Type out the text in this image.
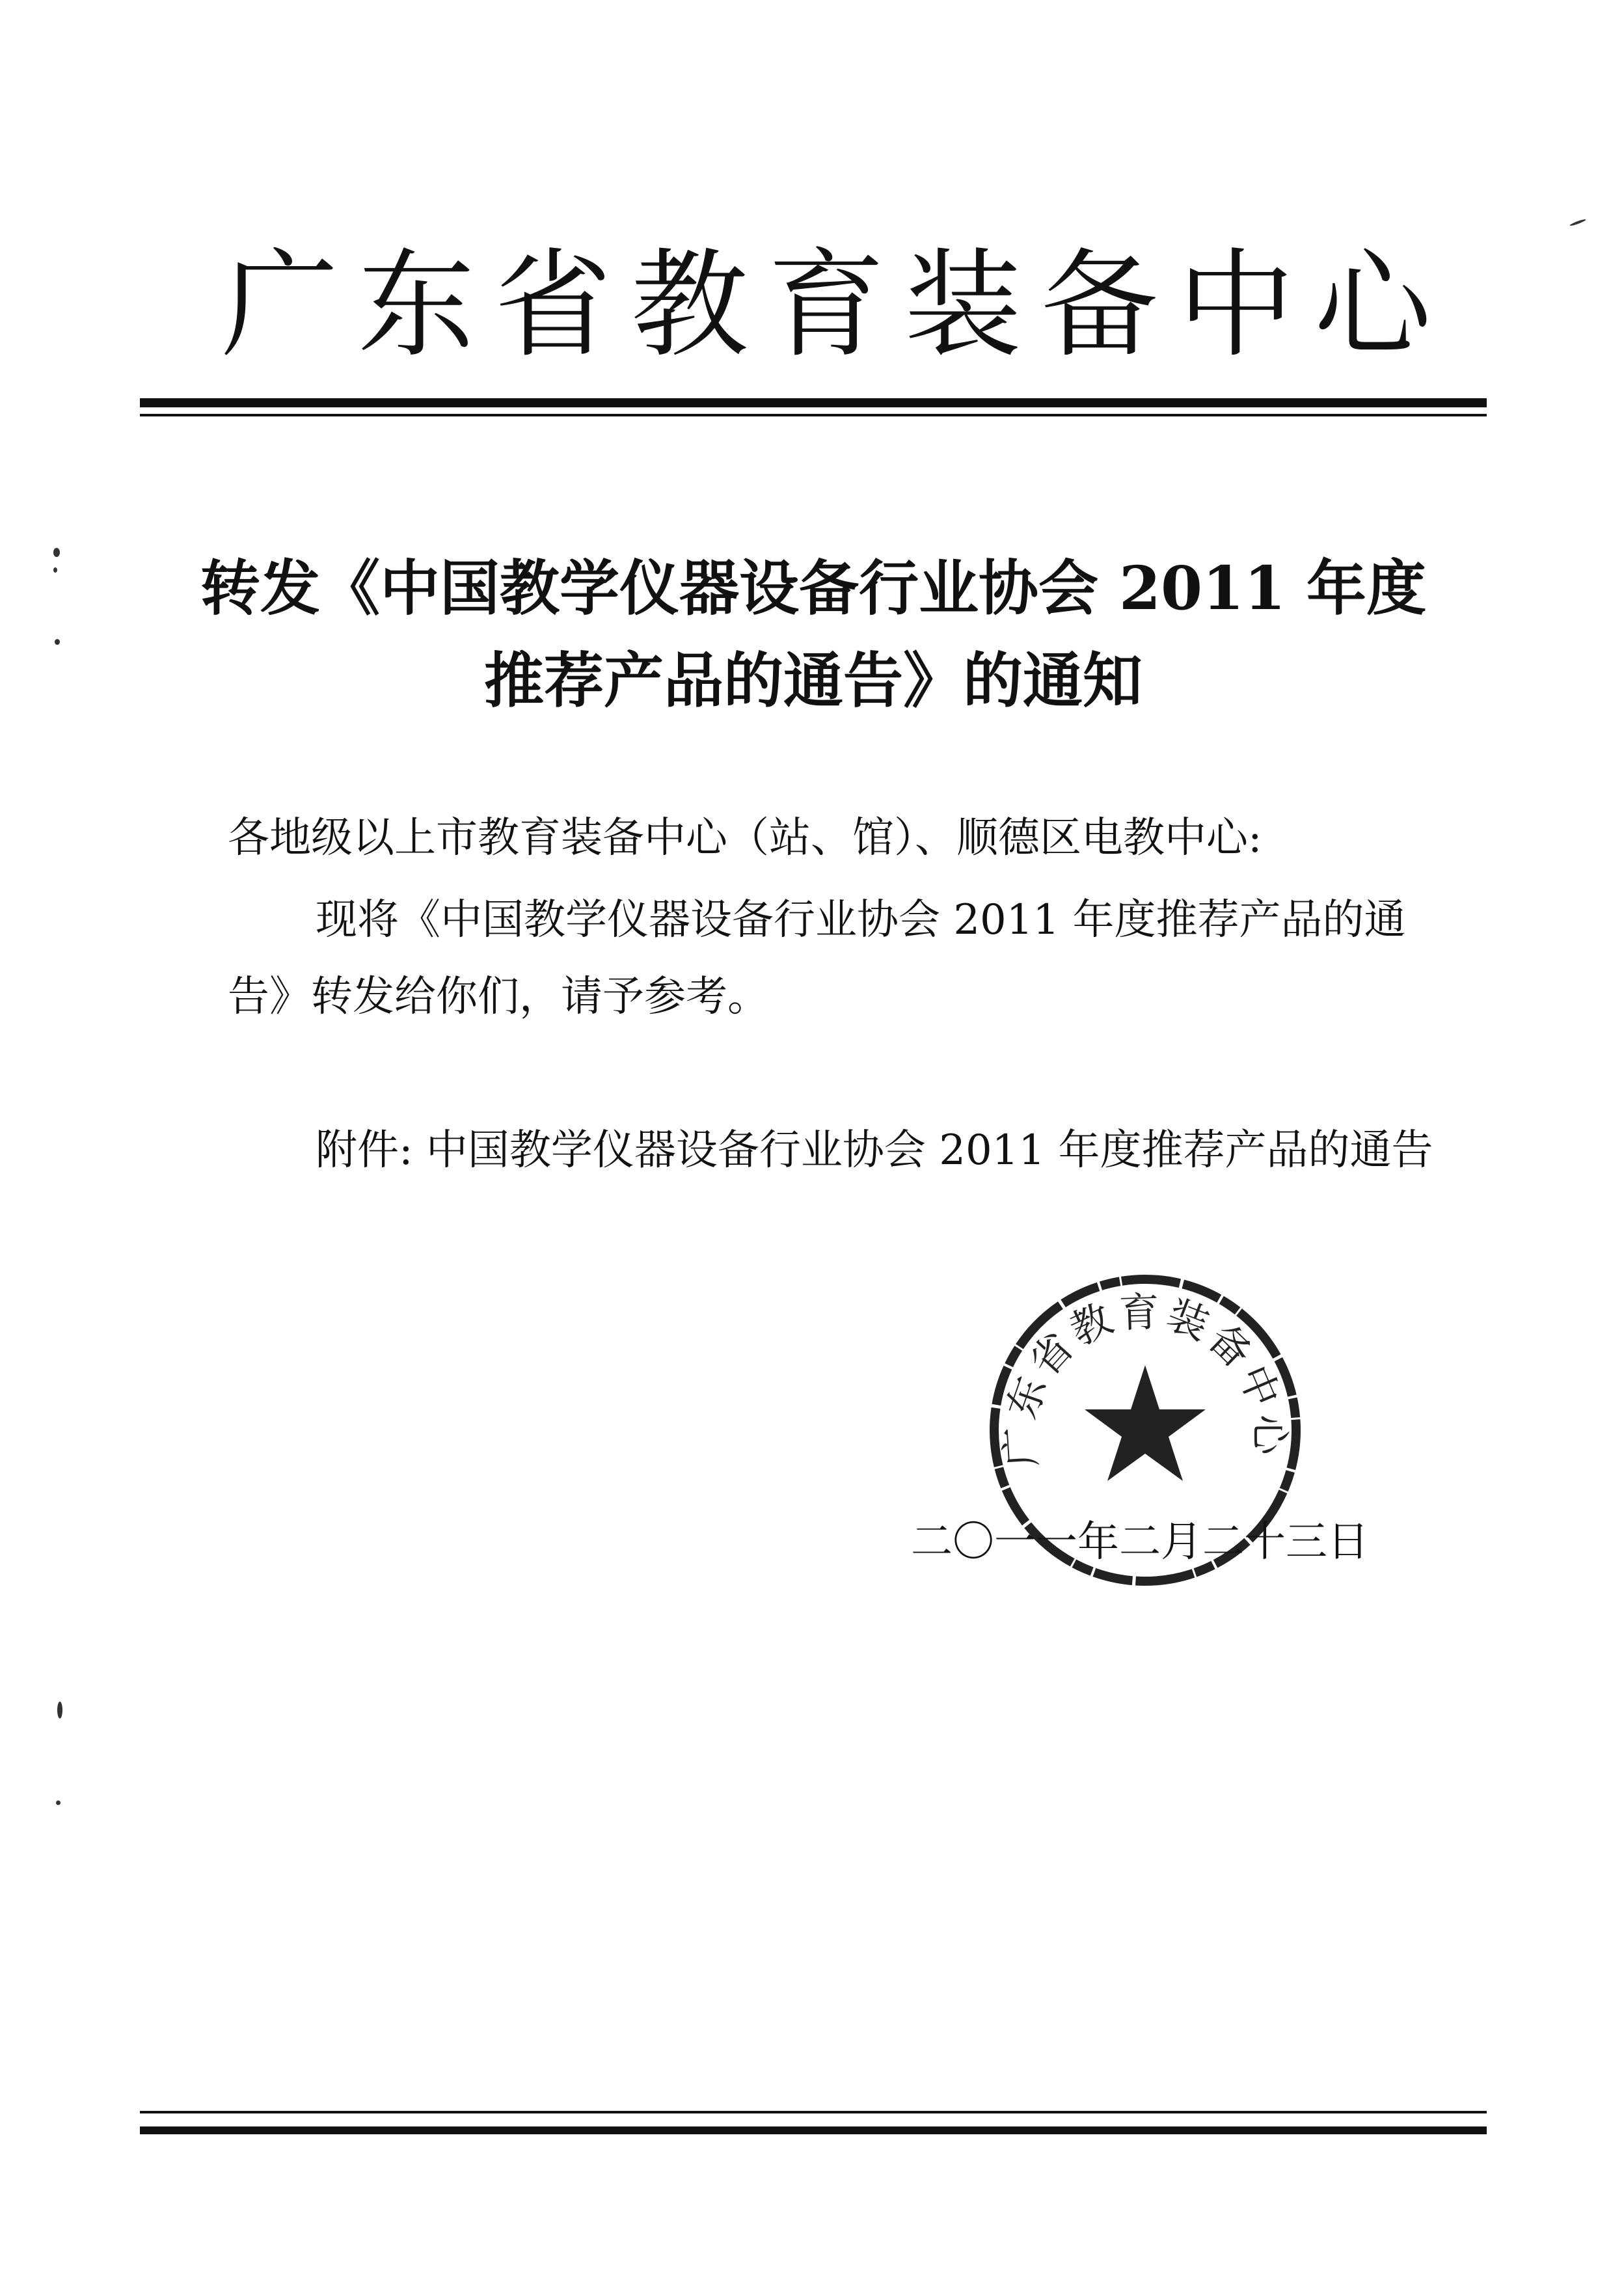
广 东 省 教 育 装 备 中 心
转发《中国教学仪器设备行业协会 2011 年度
推荐产品的通告》的通知
各地级以上市教育装备中心（站、馆）、顺德区电教中心:
现将《中国教学仪器设备行业协会 2011 年度推荐产品的通
告》转发给你们，请予参考。
附件: 中国教学仪器设备行业协会 2011 年度推荐产品的通告
广东省教育装备中心
二〇一一年二月二十三日
